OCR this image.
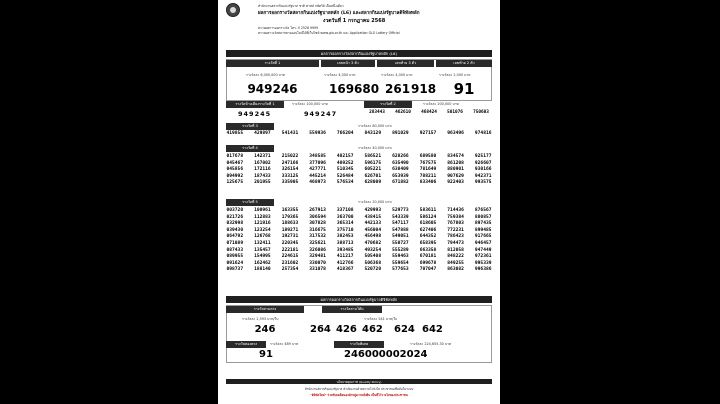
สำนักงานสลากกินแบ่งรัฐบาล ชาติ ศาสน์ กษัตริย์ เป็นหนึ่งเดียว
ผลการออกรางวัลสลากกินแบ่งรัฐบาลหลัก (L6) และสลากกินแบ่งรัฐบาลดิจิทัลหลัก
งวดวันที่ 1 กรกฎาคม 2568
ตรวจผลการออกรางวัล โทร. 0 2528 9999
ตรวจผลรางวัลสลากทางออนไลน์ได้ที่เว็บไซต์ www.glo.or.th และ Application GLO Lottery Official
ผลการออกรางวัลสลากกินแบ่งรัฐบาลหลัก (L6)
รางวัลที่ 1
รางวัลละ 6,000,000 บาท
949246
เลขหน้า 3 ตัว
รางวัลละ 4,000 บาท
169 680
เลขท้าย 3 ตัว
รางวัลละ 4,000 บาท
261 918
เลขท้าย 2 ตัว
รางวัลละ 2,000 บาท
91
รางวัลข้างเคียงรางวัลที่ 1	รางวัลละ 100,000 บาท
949245	949247
รางวัลที่ 2	รางวัลละ 200,000 บาท
283443	462610	468424	501076	750603
รางวัลที่ 3	รางวัลละ 80,000 บาท
419855	429897	541431	559936	766204	843129	891029	927157	963496	974816
รางวัลที่ 4	รางวัลละ 40,000 บาท
017678	142371	215022	348585	482157	586521	628266	689580	834574	925177
045467	167002	247166	377096	489252	596175	635490	767575	861208	926607
045856	172116	326154	427771	510345	605221	638409	781649	880901	930166
094992	187433	333125	445214	526484	626701	653939	788211	907629	942371
125675	201955	335905	468973	576534	628009	671882	833406	922403	993575
รางวัลที่ 5	รางวัลละ 20,000 บาท
003720	100961	163355	267913	337108	429993	529773	583611	714436	876567
021726	112883	179365	306594	363700	438415	543339	586124	759384	880857
032998	121916	188633	307828	365314	442133	547117	618605	767803	897435
039430	123254	189271	316675	375710	456004	547888	627406	772231	899485
064792	126768	192731	317532	382453	456498	549051	644352	786423	917665
071089	132411	220345	325621	388713	470682	550727	658395	794473	946457
087433	135457	222181	326086	393485	493254	555289	663358	812058	947449
089955	154995	224615	329481	411217	505408	559463	670181	848222	972361
091624	162462	231602	330070	412766	506368	559654	699678	849255	995339
098737	188140	257354	331078	418367	520720	577653	707047	863082	996386
ผลการออกรางวัลสลากกินแบ่งรัฐบาลดิจิทัลหลัก
รางวัลสามตรง
รางวัลละ 2,593 บาท/ใบ
246
รางวัลสามโต๊ด
รางวัลละ 541 บาท/ใบ
264 426 462 624 642
รางวัลสองตรง	รางวัลละ 489 บาท
91
รางวัลพิเศษ	รางวัลละ 224,655.30 บาท
246000002024
นโยบายคุณภาพ (Quality Policy)
สำนักงานสลากกินแบ่งรัฐบาล ดำเนินงานด้วยความโปร่งใส ประชาชนเชื่อมั่นในระบบ
"ดิจิทัลใหม่" ร่วมขับเคลื่อนองค์กรสู่ความยั่งยืน เป็นที่ไว้วางใจของประชาชน
